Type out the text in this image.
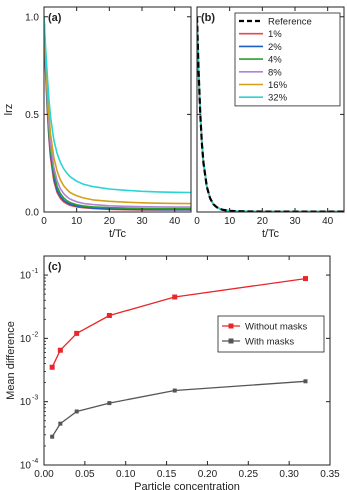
0 10 20 30 40
0.0
0.5
1.0 (a)
t/Tc
lrz
0 10 20 30 40
(b)
t/Tc
0.00 0.05 0.10 0.15 0.20 0.25 0.30 0.35
10 -4
10 -3
10 -2
10 -1 (c)
Particle concentration
Mean difference
Reference
1%
2%
4%
8%
16%
32%
Without masks
With masks
